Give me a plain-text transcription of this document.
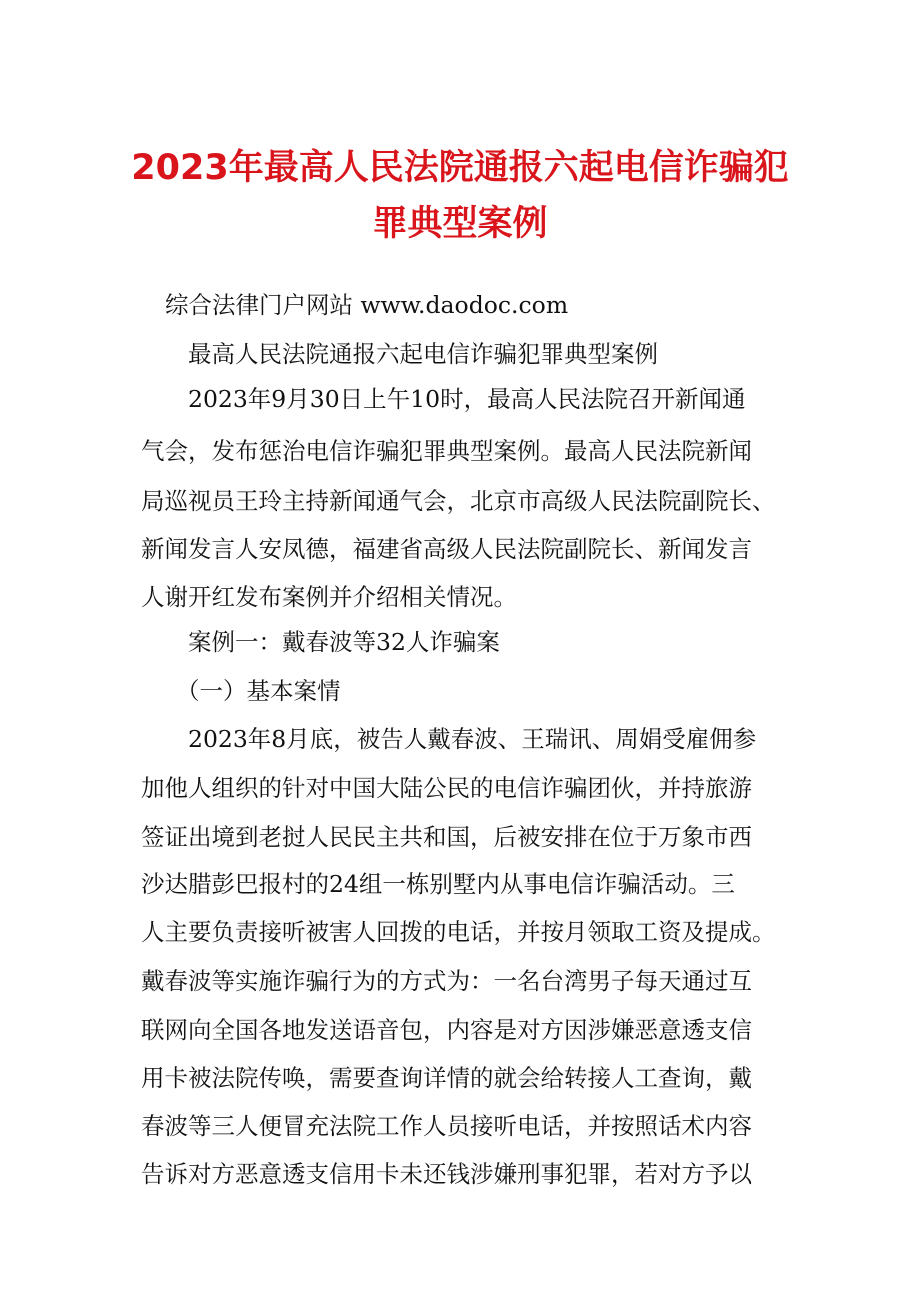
2023年最高人民法院通报六起电信诈骗犯
罪典型案例
综合法律门户网站 www.daodoc.com
最高人民法院通报六起电信诈骗犯罪典型案例
2023年9月30日上午10时，最高人民法院召开新闻通
气会，发布惩治电信诈骗犯罪典型案例。最高人民法院新闻
局巡视员王玲主持新闻通气会，北京市高级人民法院副院长、
新闻发言人安凤德，福建省高级人民法院副院长、新闻发言
人谢开红发布案例并介绍相关情况。
案例一：戴春波等32人诈骗案
（一）基本案情
2023年8月底，被告人戴春波、王瑞讯、周娟受雇佣参
加他人组织的针对中国大陆公民的电信诈骗团伙，并持旅游
签证出境到老挝人民民主共和国，后被安排在位于万象市西
沙达腊彭巴报村的24组一栋别墅内从事电信诈骗活动。三
人主要负责接听被害人回拨的电话，并按月领取工资及提成。
戴春波等实施诈骗行为的方式为：一名台湾男子每天通过互
联网向全国各地发送语音包，内容是对方因涉嫌恶意透支信
用卡被法院传唤，需要查询详情的就会给转接人工查询，戴
春波等三人便冒充法院工作人员接听电话，并按照话术内容
告诉对方恶意透支信用卡未还钱涉嫌刑事犯罪，若对方予以
